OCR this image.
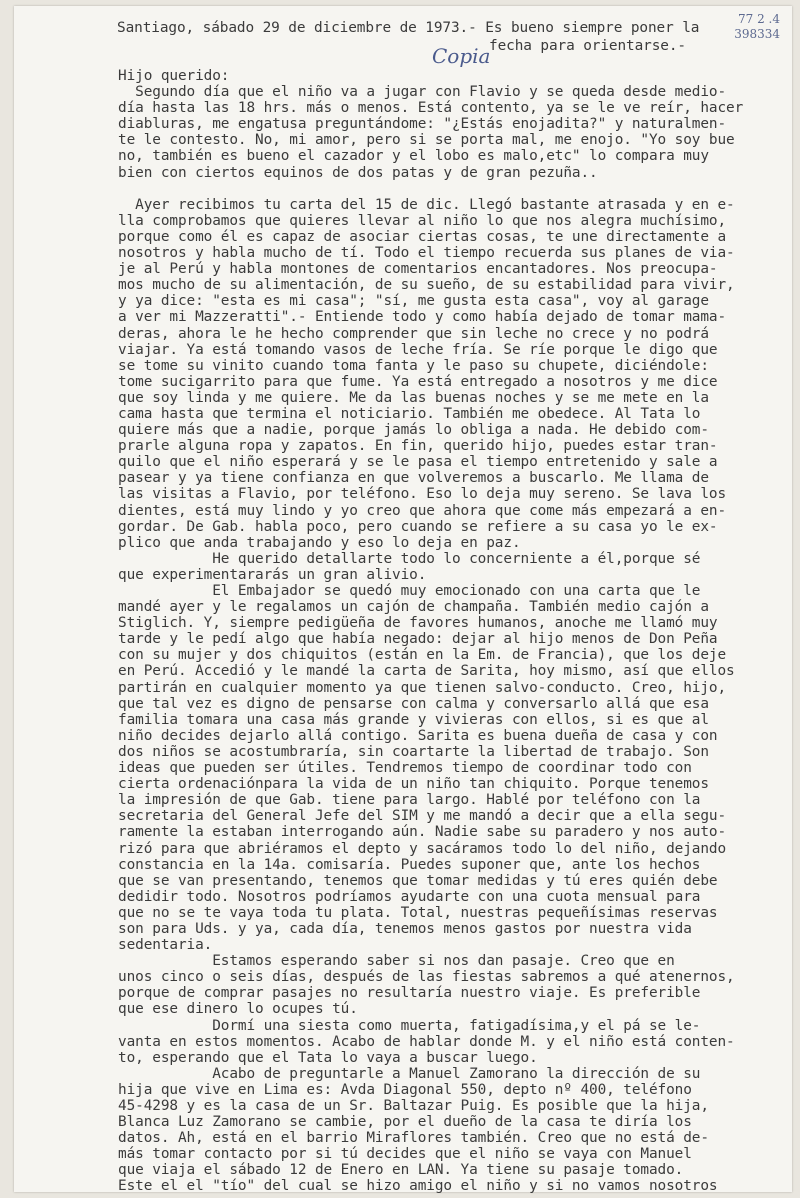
77 2 .4
398334
Copia
Santiago, sábado 29 de diciembre de 1973.- Es bueno siempre poner la
fecha para orientarse.-
Hijo querido:
Segundo día que el niño va a jugar con Flavio y se queda desde medio-
día hasta las 18 hrs. más o menos. Está contento, ya se le ve reír, hacer
diabluras, me engatusa preguntándome: "¿Estás enojadita?" y naturalmen-
te le contesto. No, mi amor, pero si se porta mal, me enojo. "Yo soy bue
no, también es bueno el cazador y el lobo es malo,etc" lo compara muy
bien con ciertos equinos de dos patas y de gran pezuña..
Ayer recibimos tu carta del 15 de dic. Llegó bastante atrasada y en e-
lla comprobamos que quieres llevar al niño lo que nos alegra muchísimo,
porque como él es capaz de asociar ciertas cosas, te une directamente a
nosotros y habla mucho de tí. Todo el tiempo recuerda sus planes de via-
je al Perú y habla montones de comentarios encantadores. Nos preocupa-
mos mucho de su alimentación, de su sueño, de su estabilidad para vivir,
y ya dice: "esta es mi casa"; "sí, me gusta esta casa", voy al garage
a ver mi Mazzeratti".- Entiende todo y como había dejado de tomar mama-
deras, ahora le he hecho comprender que sin leche no crece y no podrá
viajar. Ya está tomando vasos de leche fría. Se ríe porque le digo que
se tome su vinito cuando toma fanta y le paso su chupete, diciéndole:
tome sucigarrito para que fume. Ya está entregado a nosotros y me dice
que soy linda y me quiere. Me da las buenas noches y se me mete en la
cama hasta que termina el noticiario. También me obedece. Al Tata lo
quiere más que a nadie, porque jamás lo obliga a nada. He debido com-
prarle alguna ropa y zapatos. En fin, querido hijo, puedes estar tran-
quilo que el niño esperará y se le pasa el tiempo entretenido y sale a
pasear y ya tiene confianza en que volveremos a buscarlo. Me llama de
las visitas a Flavio, por teléfono. Eso lo deja muy sereno. Se lava los
dientes, está muy lindo y yo creo que ahora que come más empezará a en-
gordar. De Gab. habla poco, pero cuando se refiere a su casa yo le ex-
plico que anda trabajando y eso lo deja en paz.
He querido detallarte todo lo concerniente a él,porque sé
que experimentararás un gran alivio.
El Embajador se quedó muy emocionado con una carta que le
mandé ayer y le regalamos un cajón de champaña. También medio cajón a
Stiglich. Y, siempre pedigüeña de favores humanos, anoche me llamó muy
tarde y le pedí algo que había negado: dejar al hijo menos de Don Peña
con su mujer y dos chiquitos (están en la Em. de Francia), que los deje
en Perú. Accedió y le mandé la carta de Sarita, hoy mismo, así que ellos
partirán en cualquier momento ya que tienen salvo-conducto. Creo, hijo,
que tal vez es digno de pensarse con calma y conversarlo allá que esa
familia tomara una casa más grande y vivieras con ellos, si es que al
niño decides dejarlo allá contigo. Sarita es buena dueña de casa y con
dos niños se acostumbraría, sin coartarte la libertad de trabajo. Son
ideas que pueden ser útiles. Tendremos tiempo de coordinar todo con
cierta ordenaciónpara la vida de un niño tan chiquito. Porque tenemos
la impresión de que Gab. tiene para largo. Hablé por teléfono con la
secretaria del General Jefe del SIM y me mandó a decir que a ella segu-
ramente la estaban interrogando aún. Nadie sabe su paradero y nos auto-
rizó para que abriéramos el depto y sacáramos todo lo del niño, dejando
constancia en la 14a. comisaría. Puedes suponer que, ante los hechos
que se van presentando, tenemos que tomar medidas y tú eres quién debe
dedidir todo. Nosotros podríamos ayudarte con una cuota mensual para
que no se te vaya toda tu plata. Total, nuestras pequeñísimas reservas
son para Uds. y ya, cada día, tenemos menos gastos por nuestra vida
sedentaria.
Estamos esperando saber si nos dan pasaje. Creo que en
unos cinco o seis días, después de las fiestas sabremos a qué atenernos,
porque de comprar pasajes no resultaría nuestro viaje. Es preferible
que ese dinero lo ocupes tú.
Dormí una siesta como muerta, fatigadísima,y el pá se le-
vanta en estos momentos. Acabo de hablar donde M. y el niño está conten-
to, esperando que el Tata lo vaya a buscar luego.
Acabo de preguntarle a Manuel Zamorano la dirección de su
hija que vive en Lima es: Avda Diagonal 550, depto nº 400, teléfono
45-4298 y es la casa de un Sr. Baltazar Puig. Es posible que la hija,
Blanca Luz Zamorano se cambie, por el dueño de la casa te diría los
datos. Ah, está en el barrio Miraflores también. Creo que no está de-
más tomar contacto por si tú decides que el niño se vaya con Manuel
que viaja el sábado 12 de Enero en LAN. Ya tiene su pasaje tomado.
Este el el "tío" del cual se hizo amigo el niño y si no vamos nosotros
